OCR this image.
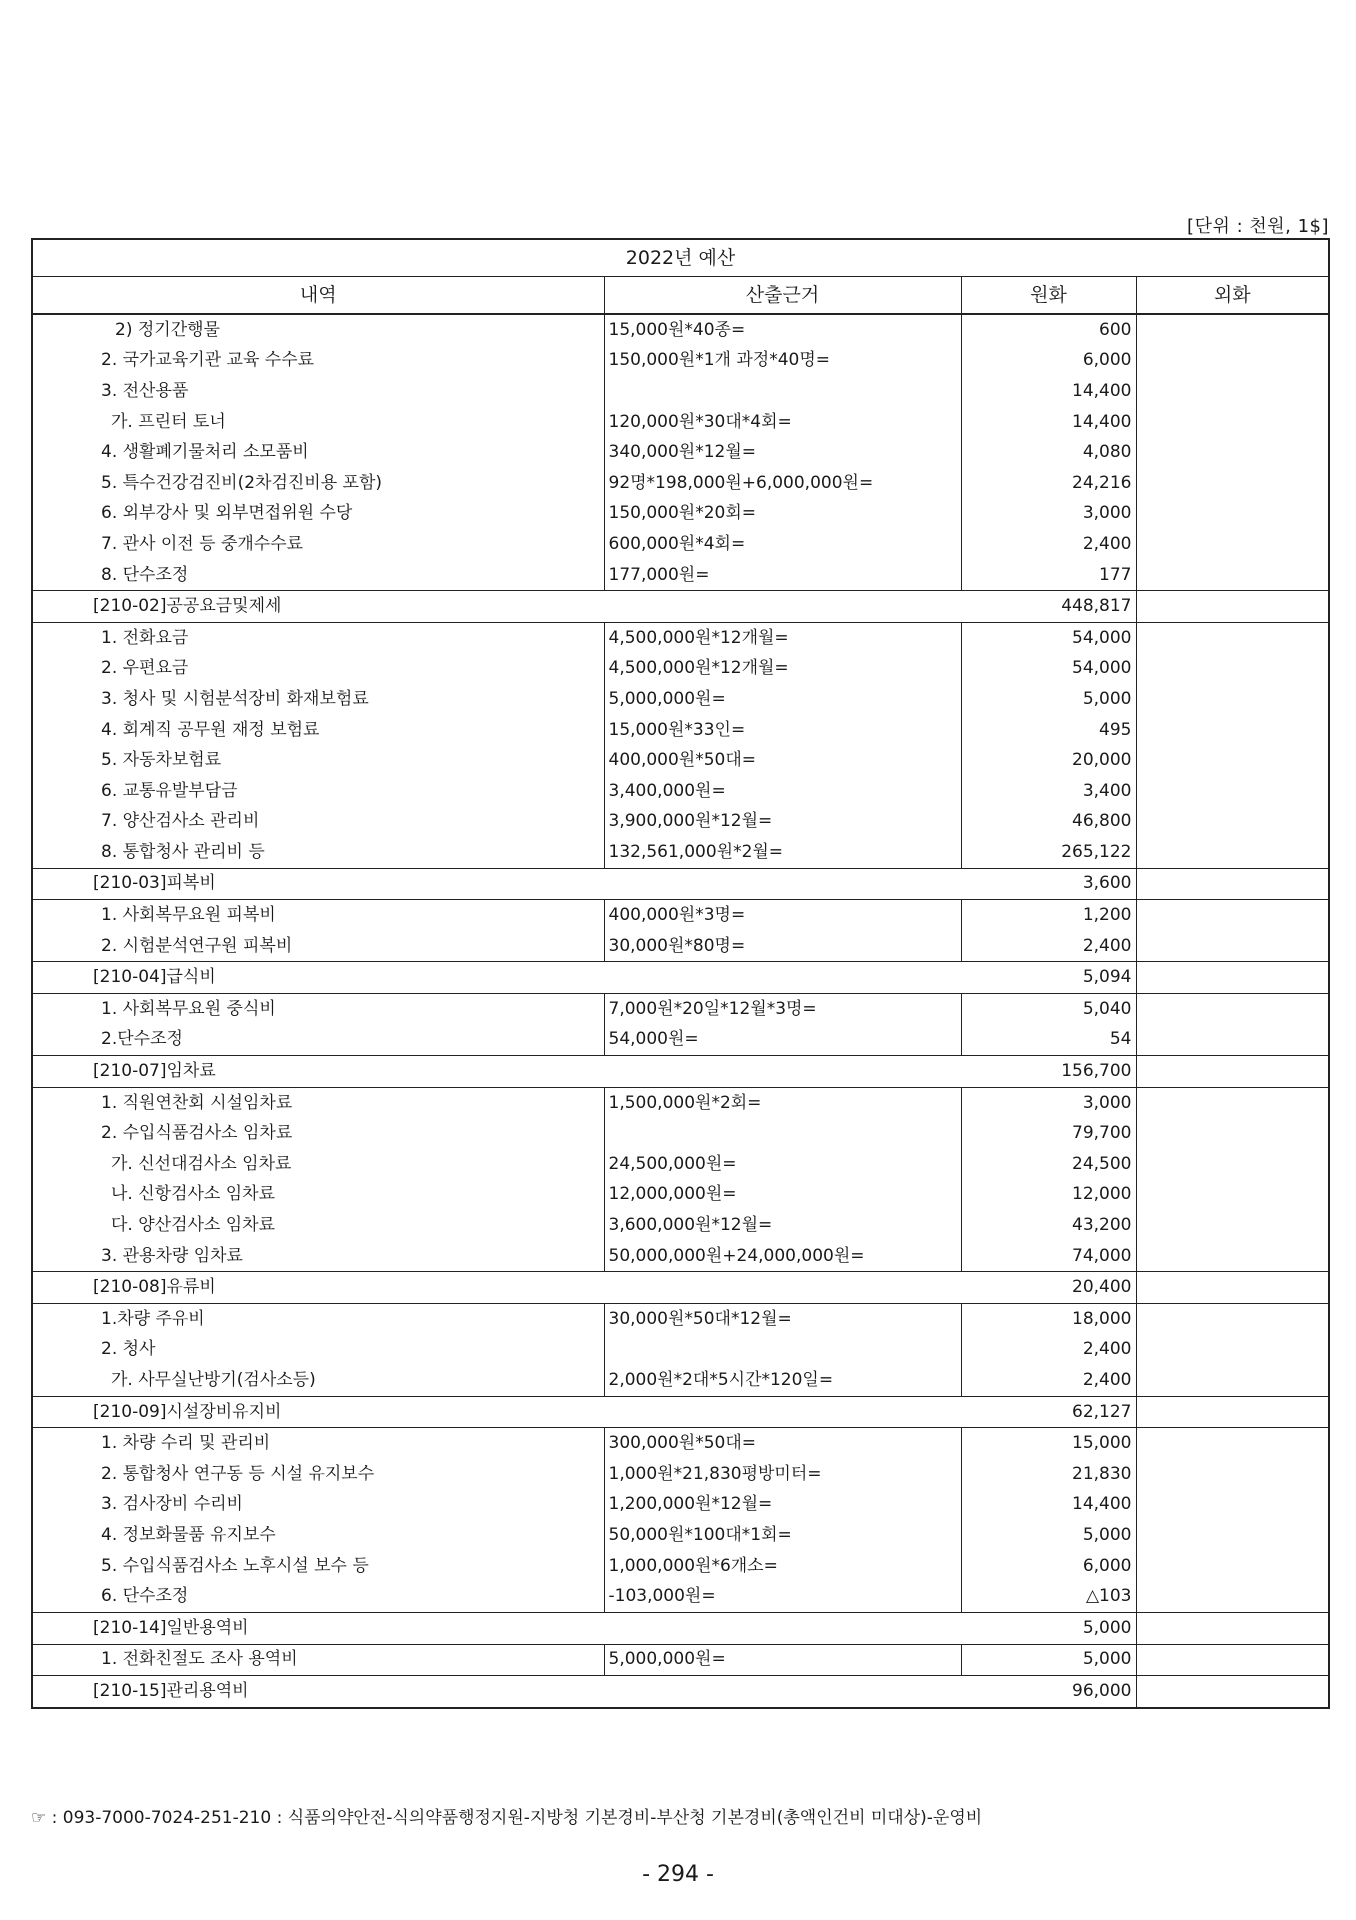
[단위 : 천원, 1$]
2022년 예산			
내역	산출근거	원화	외화
2) 정기간행물	15,000원*40종=	600	
2. 국가교육기관 교육 수수료	150,000원*1개 과정*40명=	6,000	
3. 전산용품		14,400	
가. 프린터 토너	120,000원*30대*4회=	14,400	
4. 생활폐기물처리 소모품비	340,000원*12월=	4,080	
5. 특수건강검진비(2차검진비용 포함)	92명*198,000원+6,000,000원=	24,216	
6. 외부강사 및 외부면접위원 수당	150,000원*20회=	3,000	
7. 관사 이전 등 중개수수료	600,000원*4회=	2,400	
8. 단수조정	177,000원=	177	
[210-02]공공요금및제세		448,817	
1. 전화요금	4,500,000원*12개월=	54,000	
2. 우편요금	4,500,000원*12개월=	54,000	
3. 청사 및 시험분석장비 화재보험료	5,000,000원=	5,000	
4. 회계직 공무원 재정 보험료	15,000원*33인=	495	
5. 자동차보험료	400,000원*50대=	20,000	
6. 교통유발부담금	3,400,000원=	3,400	
7. 양산검사소 관리비	3,900,000원*12월=	46,800	
8. 통합청사 관리비 등	132,561,000원*2월=	265,122	
[210-03]피복비		3,600	
1. 사회복무요원 피복비	400,000원*3명=	1,200	
2. 시험분석연구원 피복비	30,000원*80명=	2,400	
[210-04]급식비		5,094	
1. 사회복무요원 중식비	7,000원*20일*12월*3명=	5,040	
2.단수조정	54,000원=	54	
[210-07]임차료		156,700	
1. 직원연찬회 시설임차료	1,500,000원*2회=	3,000	
2. 수입식품검사소 임차료		79,700	
가. 신선대검사소 임차료	24,500,000원=	24,500	
나. 신항검사소 임차료	12,000,000원=	12,000	
다. 양산검사소 임차료	3,600,000원*12월=	43,200	
3. 관용차량 임차료	50,000,000원+24,000,000원=	74,000	
[210-08]유류비		20,400	
1.차량 주유비	30,000원*50대*12월=	18,000	
2. 청사		2,400	
가. 사무실난방기(검사소등)	2,000원*2대*5시간*120일=	2,400	
[210-09]시설장비유지비		62,127	
1. 차량 수리 및 관리비	300,000원*50대=	15,000	
2. 통합청사 연구동 등 시설 유지보수	1,000원*21,830평방미터=	21,830	
3. 검사장비 수리비	1,200,000원*12월=	14,400	
4. 정보화물품 유지보수	50,000원*100대*1회=	5,000	
5. 수입식품검사소 노후시설 보수 등	1,000,000원*6개소=	6,000	
6. 단수조정	-103,000원=	△103	
[210-14]일반용역비		5,000	
1. 전화친절도 조사 용역비	5,000,000원=	5,000	
[210-15]관리용역비		96,000	
☞ : 093-7000-7024-251-210 : 식품의약안전-식의약품행정지원-지방청 기본경비-부산청 기본경비(총액인건비 미대상)-운영비
- 294 -
